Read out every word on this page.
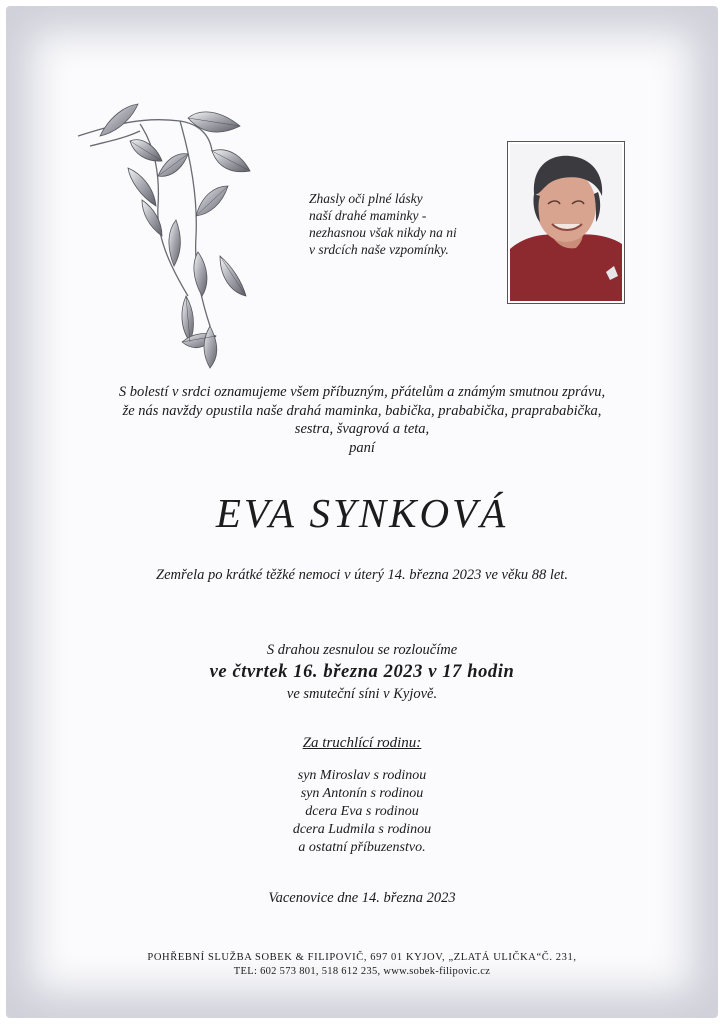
Zhasly oči plné lásky
naší drahé maminky -
nezhasnou však nikdy na ni
v srdcích naše vzpomínky.
S bolestí v srdci oznamujeme všem příbuzným, přátelům a známým smutnou zprávu,
že nás navždy opustila naše drahá maminka, babička, prababička, praprababička,
sestra, švagrová a teta,
paní
EVA SYNKOVÁ
Zemřela po krátké těžké nemoci v úterý 14. března 2023 ve věku 88 let.
S drahou zesnulou se rozloučíme
ve čtvrtek 16. března 2023 v 17 hodin
ve smuteční síni v Kyjově.
Za truchlící rodinu:
syn Miroslav s rodinou
syn Antonín s rodinou
dcera Eva s rodinou
dcera Ludmila s rodinou
a ostatní příbuzenstvo.
Vacenovice dne 14. března 2023
POHŘEBNÍ SLUŽBA SOBEK & FILIPOVIČ, 697 01 KYJOV, „ZLATÁ ULIČKA“Č. 231,
TEL: 602 573 801, 518 612 235, www.sobek-filipovic.cz
